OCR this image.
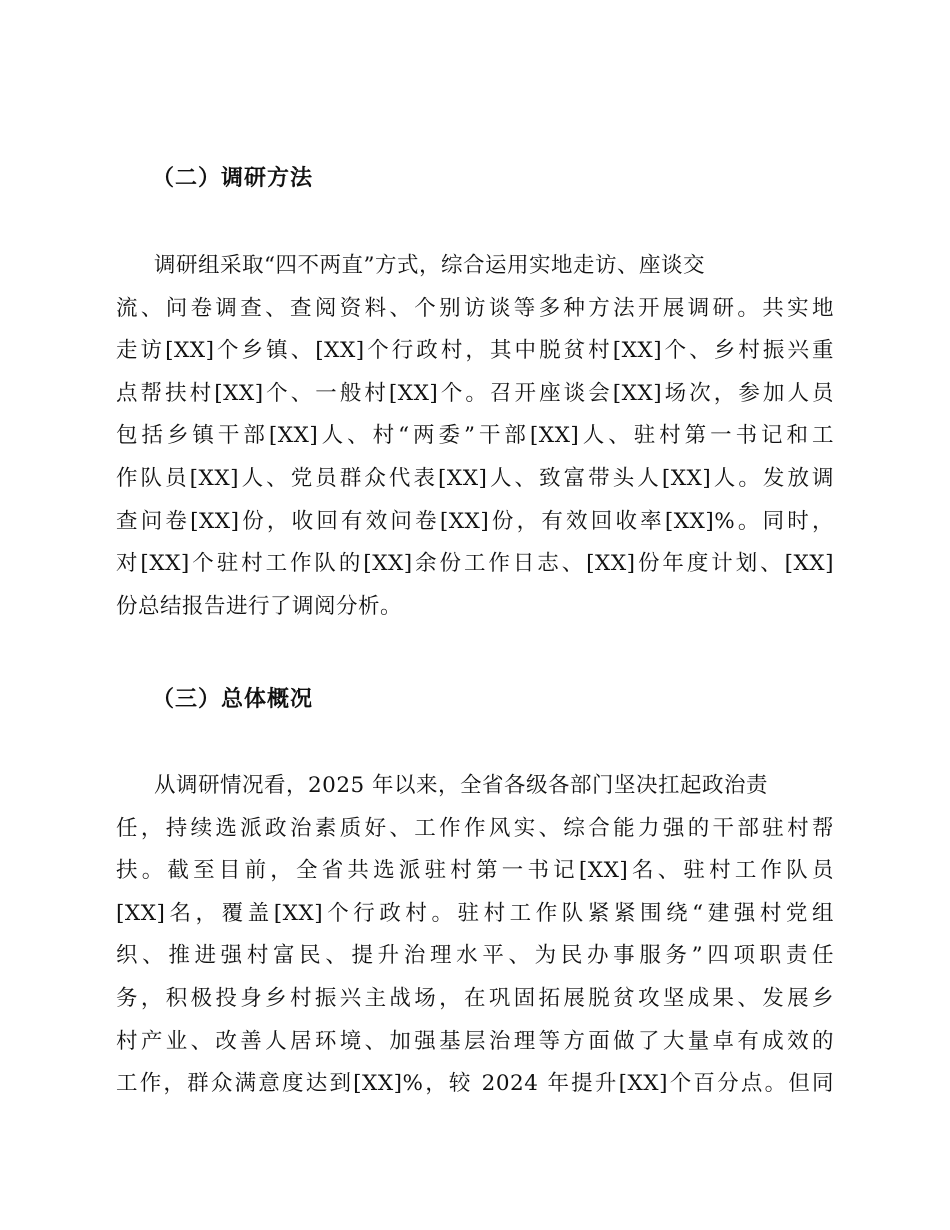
（二）调研方法
调研组采取“四不两直”方式，综合运用实地走访、座谈交
流、问卷调查、查阅资料、个别访谈等多种方法开展调研。共实地
走访[XX]个乡镇、[XX]个行政村，其中脱贫村[XX]个、乡村振兴重
点帮扶村[XX]个、一般村[XX]个。召开座谈会[XX]场次，参加人员
包括乡镇干部[XX]人、村“两委”干部[XX]人、驻村第一书记和工
作队员[XX]人、党员群众代表[XX]人、致富带头人[XX]人。发放调
查问卷[XX]份，收回有效问卷[XX]份，有效回收率[XX]%。同时，
对[XX]个驻村工作队的[XX]余份工作日志、[XX]份年度计划、[XX]
份总结报告进行了调阅分析。
（三）总体概况
从调研情况看，2025 年以来，全省各级各部门坚决扛起政治责
任，持续选派政治素质好、工作作风实、综合能力强的干部驻村帮
扶。截至目前，全省共选派驻村第一书记[XX]名、驻村工作队员
[XX]名，覆盖[XX]个行政村。驻村工作队紧紧围绕“建强村党组
织、推进强村富民、提升治理水平、为民办事服务”四项职责任
务，积极投身乡村振兴主战场，在巩固拓展脱贫攻坚成果、发展乡
村产业、改善人居环境、加强基层治理等方面做了大量卓有成效的
工作，群众满意度达到[XX]%，较 2024 年提升[XX]个百分点。但同
